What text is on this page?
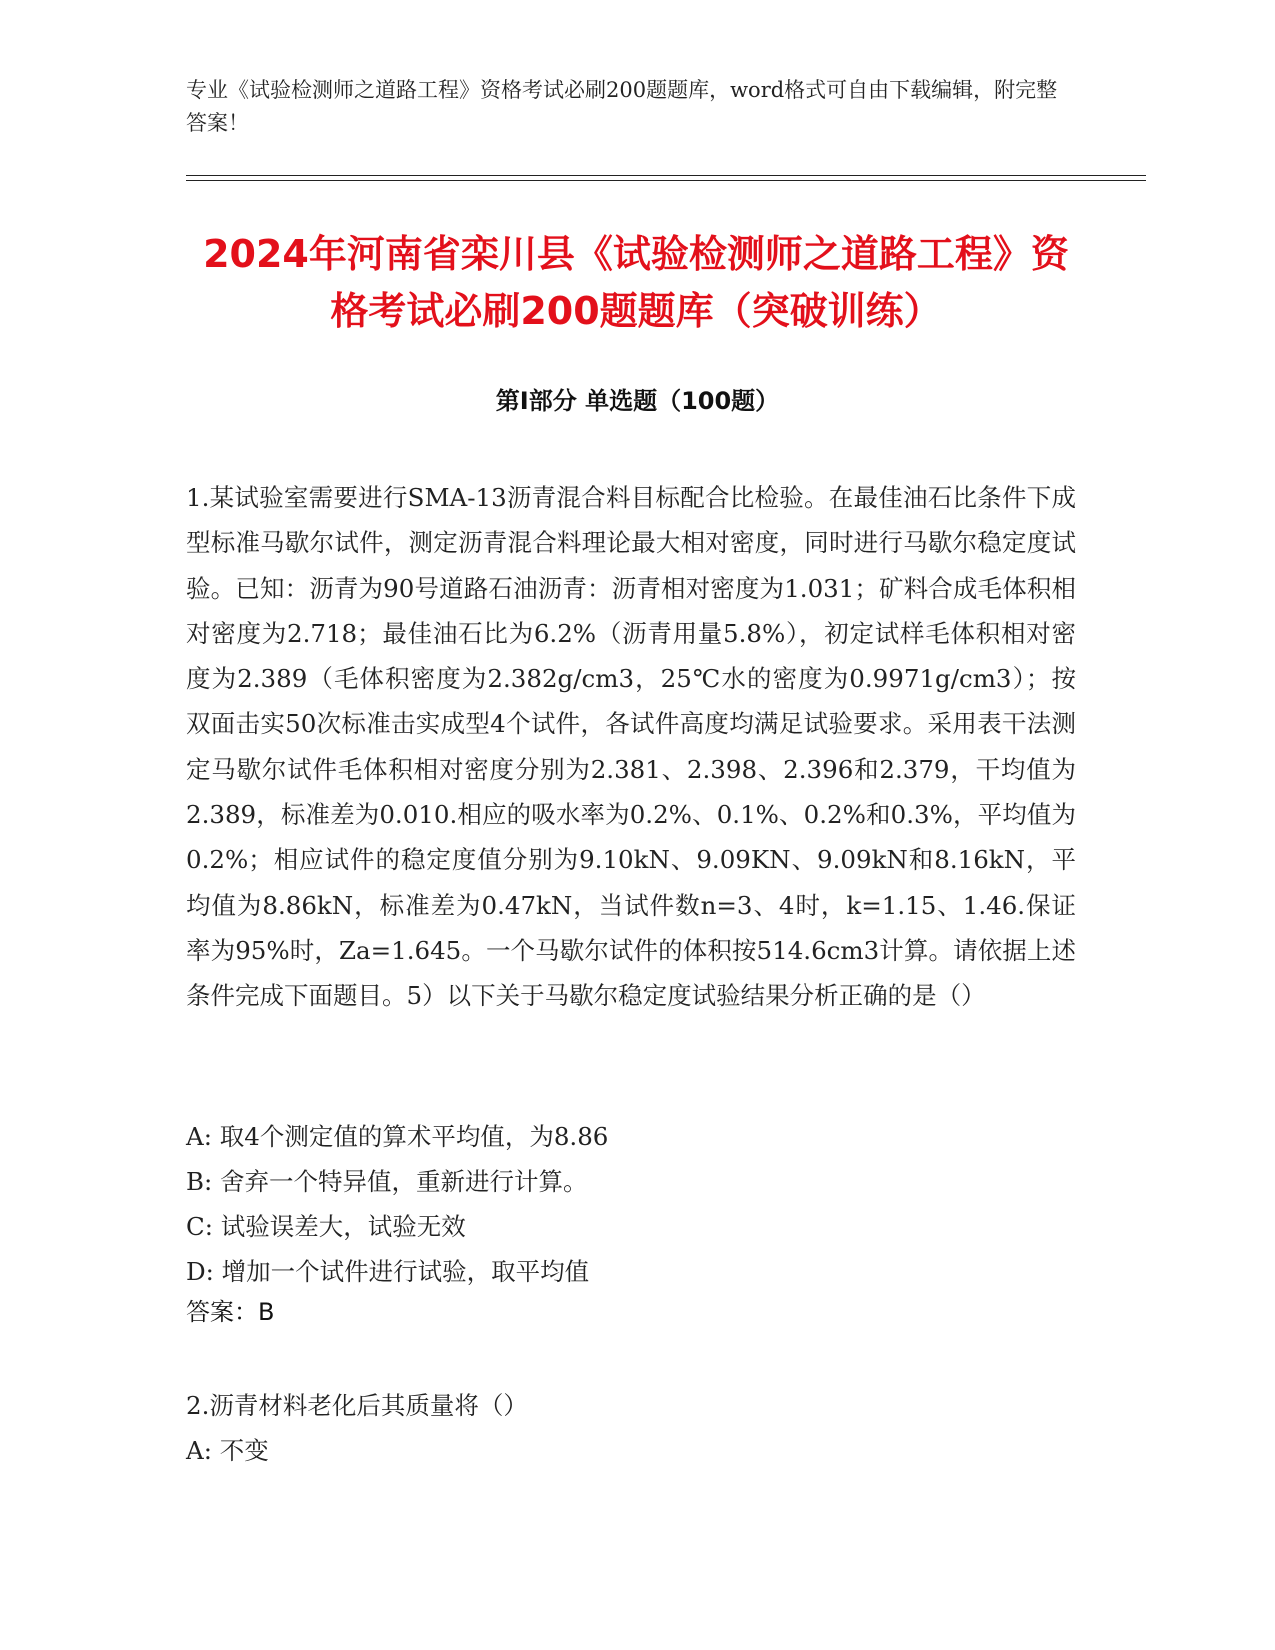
专业《试验检测师之道路工程》资格考试必刷200题题库，word格式可自由下载编辑，附完整答案！
2024年河南省栾川县《试验检测师之道路工程》资格考试必刷200题题库（突破训练）
第I部分 单选题（100题）
1.某试验室需要进行SMA-13沥青混合料目标配合比检验。在最佳油石比条件下成型标准马歇尔试件，测定沥青混合料理论最大相对密度，同时进行马歇尔稳定度试验。已知：沥青为90号道路石油沥青：沥青相对密度为1.031；矿料合成毛体积相对密度为2.718；最佳油石比为6.2%（沥青用量5.8%），初定试样毛体积相对密度为2.389（毛体积密度为2.382g/cm3，25℃水的密度为0.9971g/cm3）；按双面击实50次标准击实成型4个试件，各试件高度均满足试验要求。采用表干法测定马歇尔试件毛体积相对密度分别为2.381、2.398、2.396和2.379，干均值为2.389，标准差为0.010.相应的吸水率为0.2%、0.1%、0.2%和0.3%，平均值为0.2%；相应试件的稳定度值分别为9.10kN、9.09KN、9.09kN和8.16kN，平均值为8.86kN，标准差为0.47kN，当试件数n=3、4时，k=1.15、1.46.保证率为95%时，Za=1.645。一个马歇尔试件的体积按514.6cm3计算。请依据上述条件完成下面题目。5）以下关于马歇尔稳定度试验结果分析正确的是（）
A: 取4个测定值的算术平均值，为8.86
B: 舍弃一个特异值，重新进行计算。
C: 试验误差大，试验无效
D: 增加一个试件进行试验，取平均值
答案：B
2.沥青材料老化后其质量将（）
A: 不变
